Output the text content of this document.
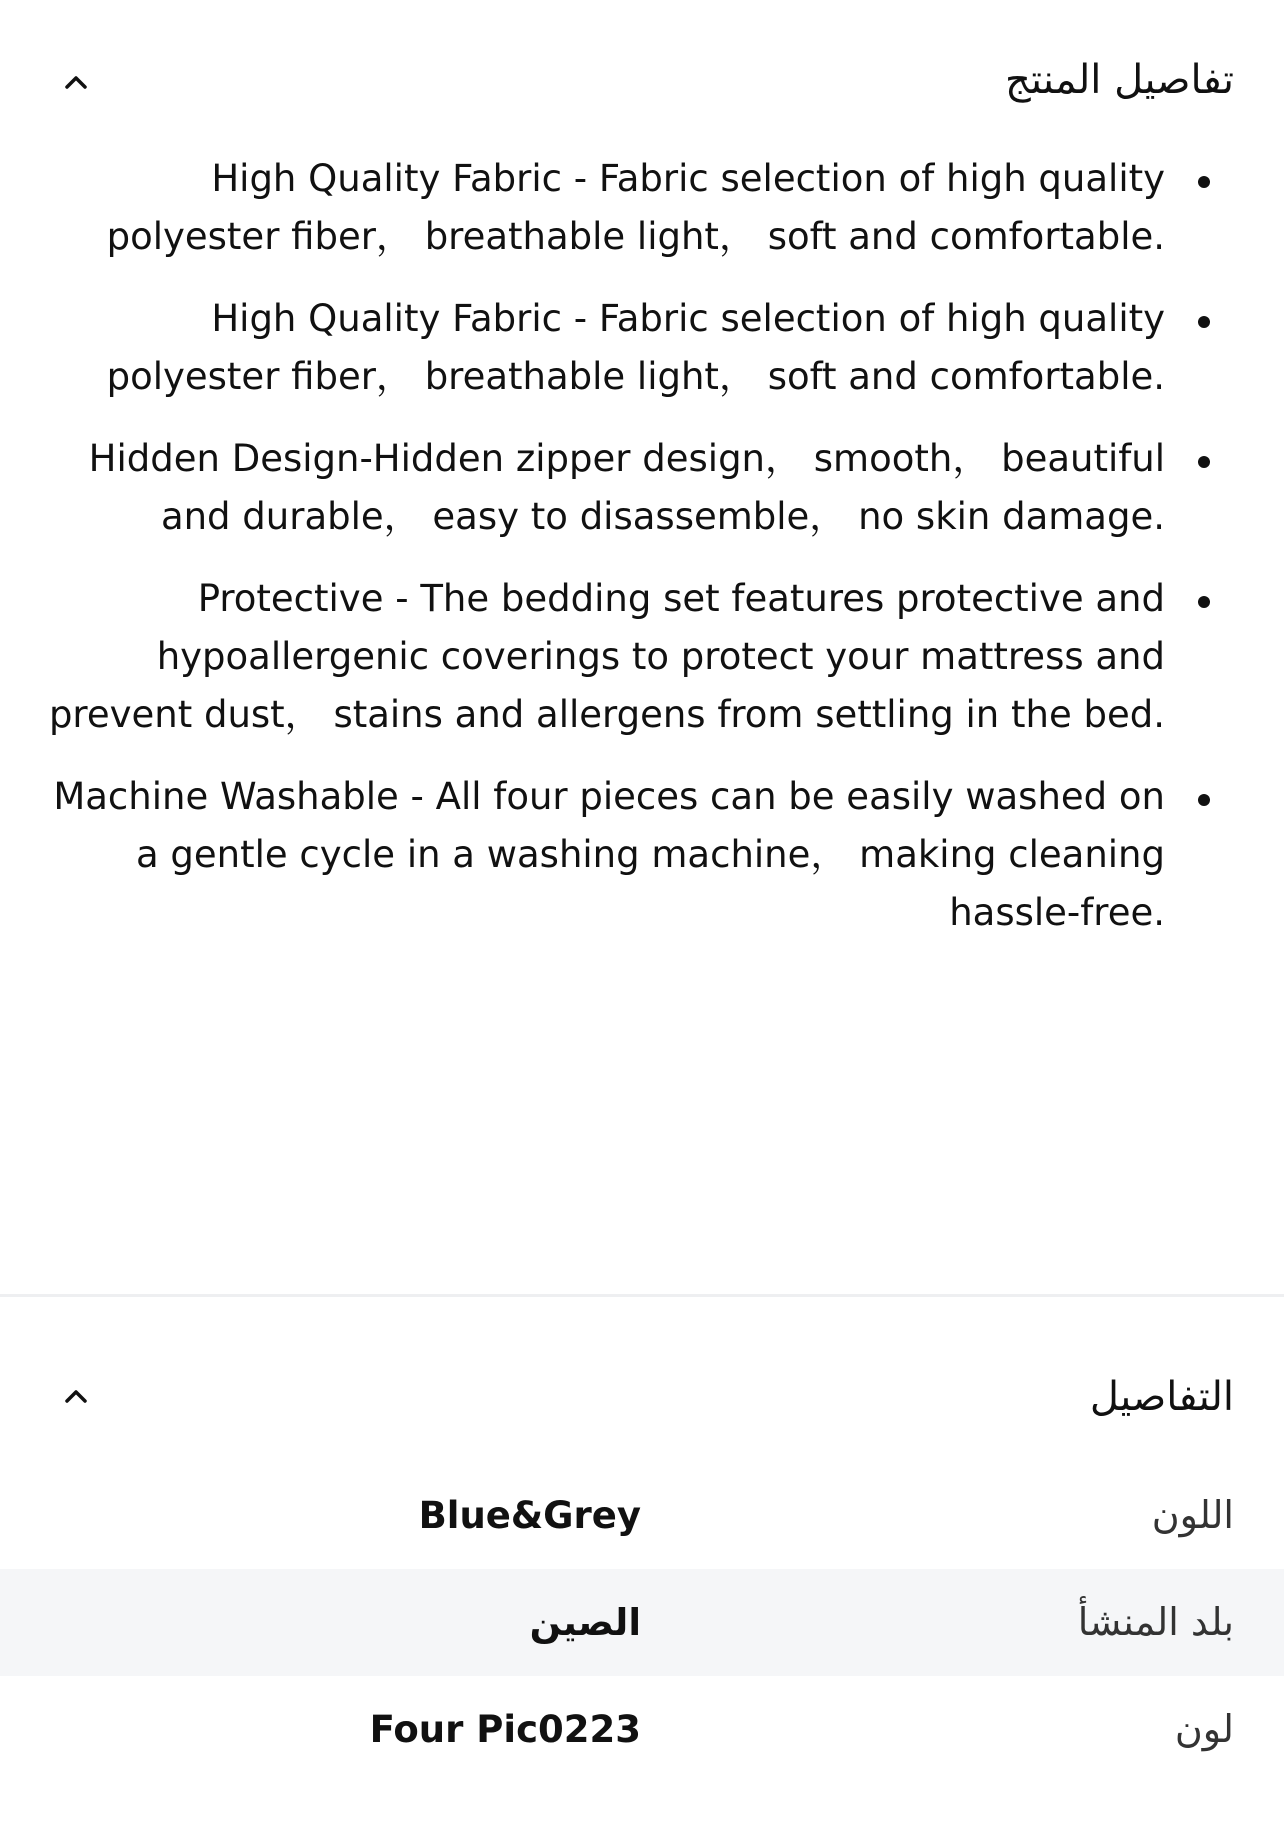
تفاصيل المنتج
High Quality Fabric - Fabric selection of high quality polyester fiber， breathable light， soft and comfortable.
High Quality Fabric - Fabric selection of high quality polyester fiber， breathable light， soft and comfortable.
Hidden Design-Hidden zipper design， smooth， beautiful and durable， easy to disassemble， no skin damage.
Protective - The bedding set features protective and hypoallergenic coverings to protect your mattress and prevent dust， stains and allergens from settling in the bed.
Machine Washable - All four pieces can be easily washed on a gentle cycle in a washing machine， making cleaning hassle-free.
التفاصيل
اللون
Blue&Grey
بلد المنشأ
الصين
لون
Four Pic0223
